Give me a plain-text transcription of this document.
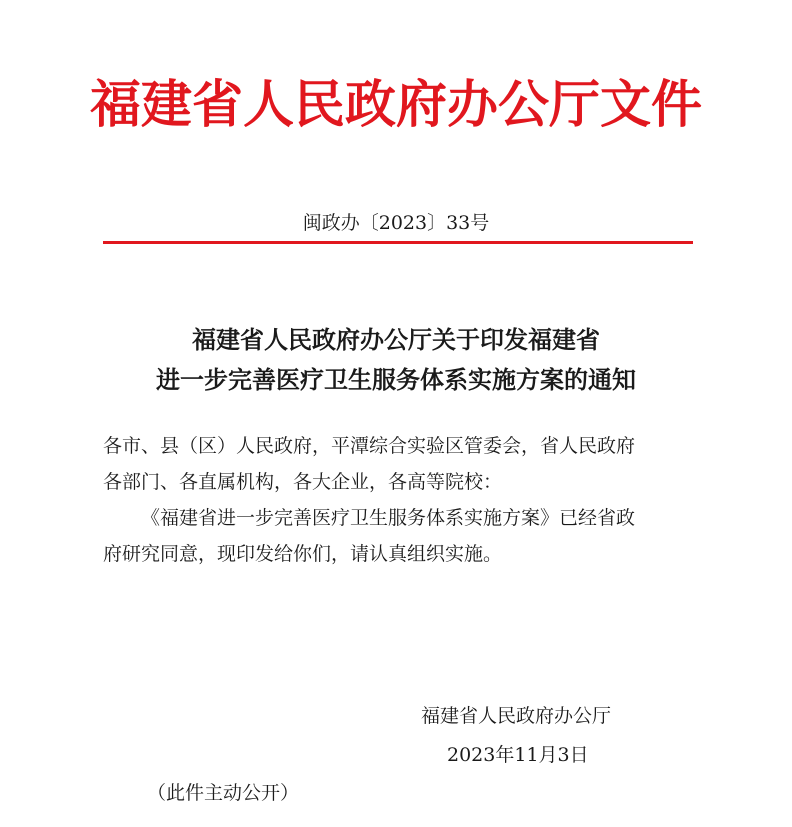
福建省人民政府办公厅文件
闽政办〔2023〕33号
福建省人民政府办公厅关于印发福建省
进一步完善医疗卫生服务体系实施方案的通知
各市、县（区）人民政府，平潭综合实验区管委会，省人民政府
各部门、各直属机构，各大企业，各高等院校：
《福建省进一步完善医疗卫生服务体系实施方案》已经省政
府研究同意，现印发给你们，请认真组织实施。
福建省人民政府办公厅
2023年11月3日
（此件主动公开）
